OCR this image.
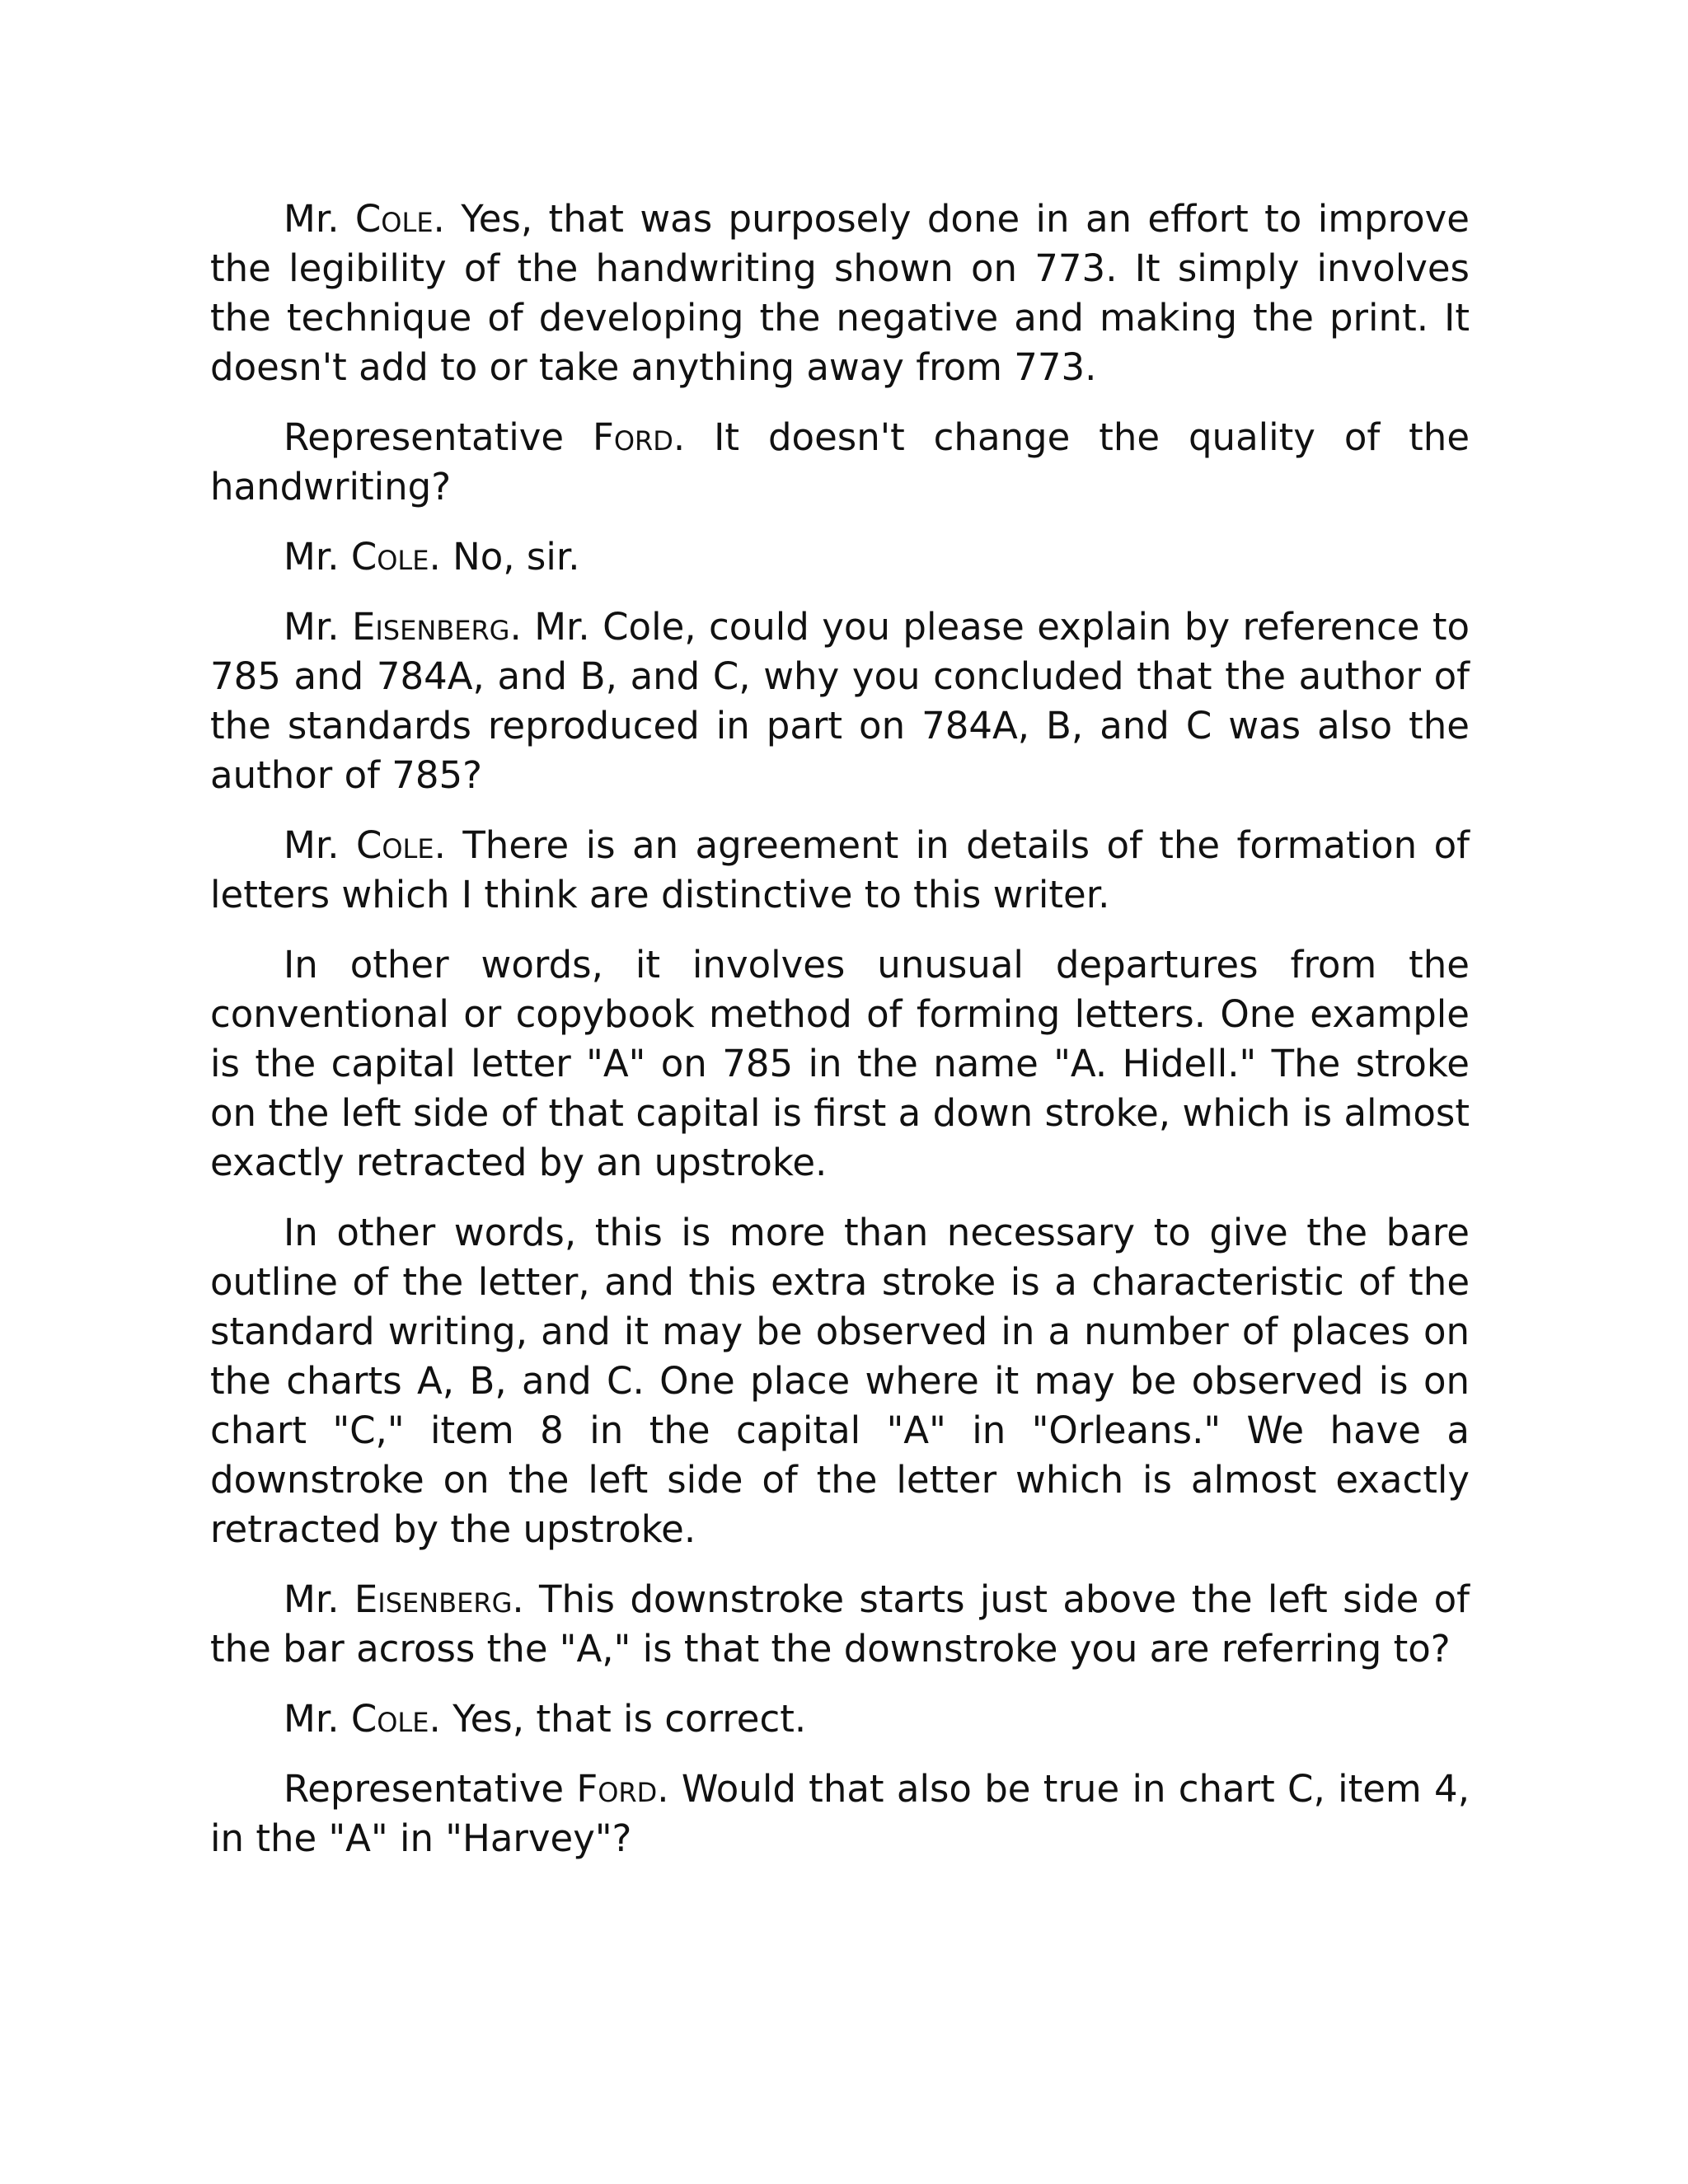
Mr. Cole. Yes, that was purposely done in an effort to improve the legibility of the handwriting shown on 773. It simply involves the technique of developing the negative and making the print. It doesn't add to or take anything away from 773.

Representative Ford. It doesn't change the quality of the handwriting?

Mr. Cole. No, sir.

Mr. Eisenberg. Mr. Cole, could you please explain by reference to 785 and 784A, and B, and C, why you concluded that the author of the standards reproduced in part on 784A, B, and C was also the author of 785?

Mr. Cole. There is an agreement in details of the formation of letters which I think are distinctive to this writer.

In other words, it involves unusual departures from the conventional or copybook method of forming letters. One example is the capital letter "A" on 785 in the name "A. Hidell." The stroke on the left side of that capital is first a down stroke, which is almost exactly retracted by an upstroke.

In other words, this is more than necessary to give the bare outline of the letter, and this extra stroke is a characteristic of the standard writing, and it may be observed in a number of places on the charts A, B, and C. One place where it may be observed is on chart "C," item 8 in the capital "A" in "Orleans." We have a downstroke on the left side of the letter which is almost exactly retracted by the upstroke.

Mr. Eisenberg. This downstroke starts just above the left side of the bar across the "A," is that the downstroke you are referring to?

Mr. Cole. Yes, that is correct.

Representative Ford. Would that also be true in chart C, item 4, in the "A" in "Harvey"?
